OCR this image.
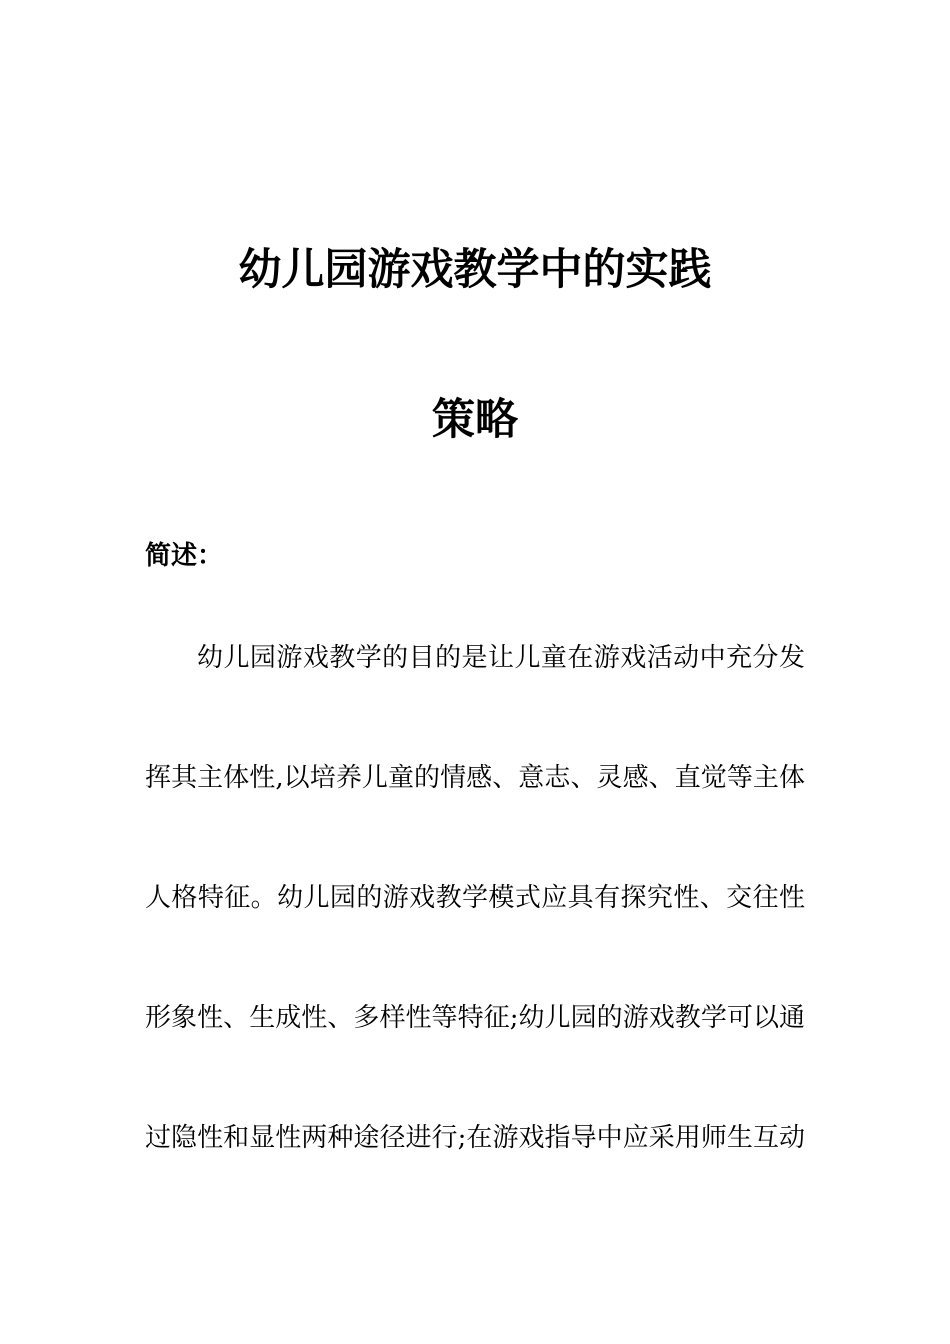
幼儿园游戏教学中的实践
策略
简述：
幼儿园游戏教学的目的是让儿童在游戏活动中充分发
挥其主体性,以培养儿童的情感、意志、灵感、直觉等主体
人格特征。幼儿园的游戏教学模式应具有探究性、交往性
形象性、生成性、多样性等特征;幼儿园的游戏教学可以通
过隐性和显性两种途径进行;在游戏指导中应采用师生互动
